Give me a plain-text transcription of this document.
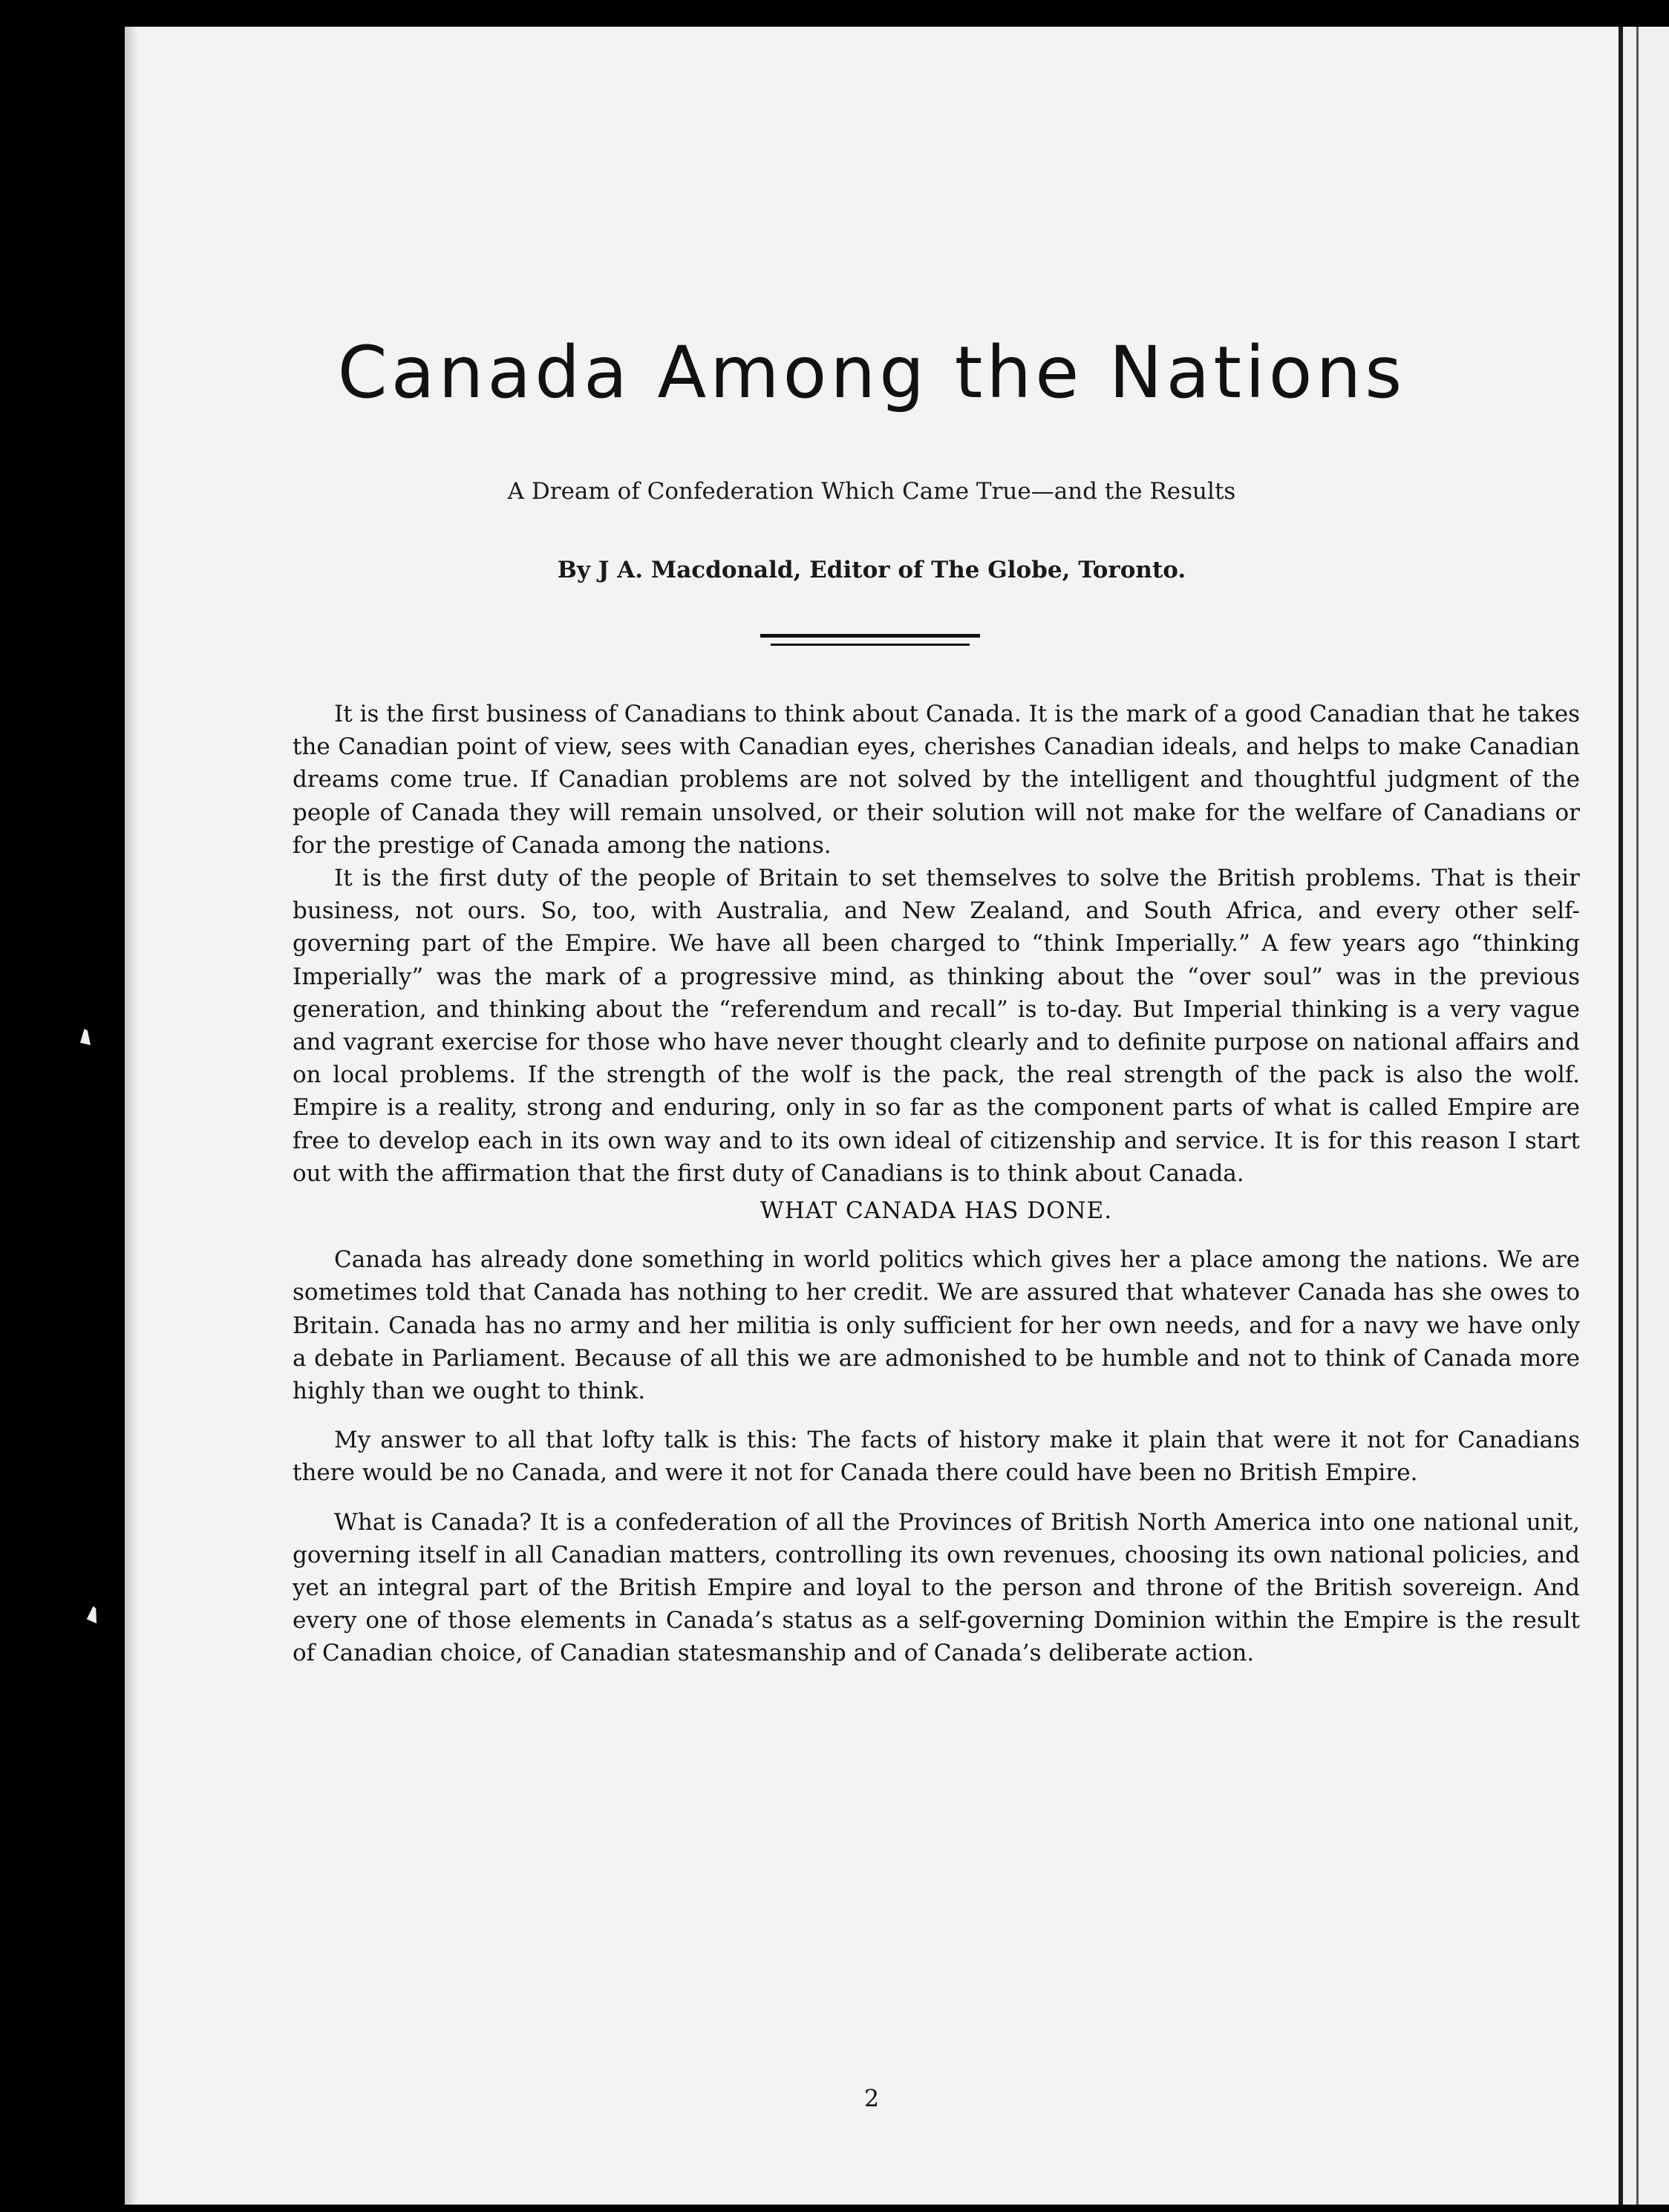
Canada Among the Nations
A Dream of Confederation Which Came True—and the Results
By J A. Macdonald, Editor of The Globe, Toronto.

It is the first business of Canadians to think about Canada. It is the mark of a good Canadian that he takes the Canadian point of view, sees with Canadian eyes, cherishes Canadian ideals, and helps to make Canadian dreams come true. If Canadian problems are not solved by the intelligent and thoughtful judgment of the people of Canada they will remain unsolved, or their solution will not make for the welfare of Canadians or for the prestige of Canada among the nations.

It is the first duty of the people of Britain to set themselves to solve the British problems. That is their business, not ours. So, too, with Australia, and New Zealand, and South Africa, and every other self-governing part of the Empire. We have all been charged to “think Imperially.” A few years ago “thinking Imperially” was the mark of a progressive mind, as thinking about the “over soul” was in the previous generation, and thinking about the “referendum and recall” is to-day. But Imperial thinking is a very vague and vagrant exercise for those who have never thought clearly and to definite purpose on national affairs and on local problems. If the strength of the wolf is the pack, the real strength of the pack is also the wolf. Empire is a reality, strong and enduring, only in so far as the component parts of what is called Empire are free to develop each in its own way and to its own ideal of citizenship and service. It is for this reason I start out with the affirmation that the first duty of Canadians is to think about Canada.

WHAT CANADA HAS DONE.

Canada has already done something in world politics which gives her a place among the nations. We are sometimes told that Canada has nothing to her credit. We are assured that whatever Canada has she owes to Britain. Canada has no army and her militia is only sufficient for her own needs, and for a navy we have only a debate in Parliament. Because of all this we are admonished to be humble and not to think of Canada more highly than we ought to think.

My answer to all that lofty talk is this: The facts of history make it plain that were it not for Canadians there would be no Canada, and were it not for Canada there could have been no British Empire.

What is Canada? It is a confederation of all the Provinces of British North America into one national unit, governing itself in all Canadian matters, controlling its own revenues, choosing its own national policies, and yet an integral part of the British Empire and loyal to the person and throne of the British sovereign. And every one of those elements in Canada’s status as a self-governing Dominion within the Empire is the result of Canadian choice, of Canadian statesmanship and of Canada’s deliberate action.

2
